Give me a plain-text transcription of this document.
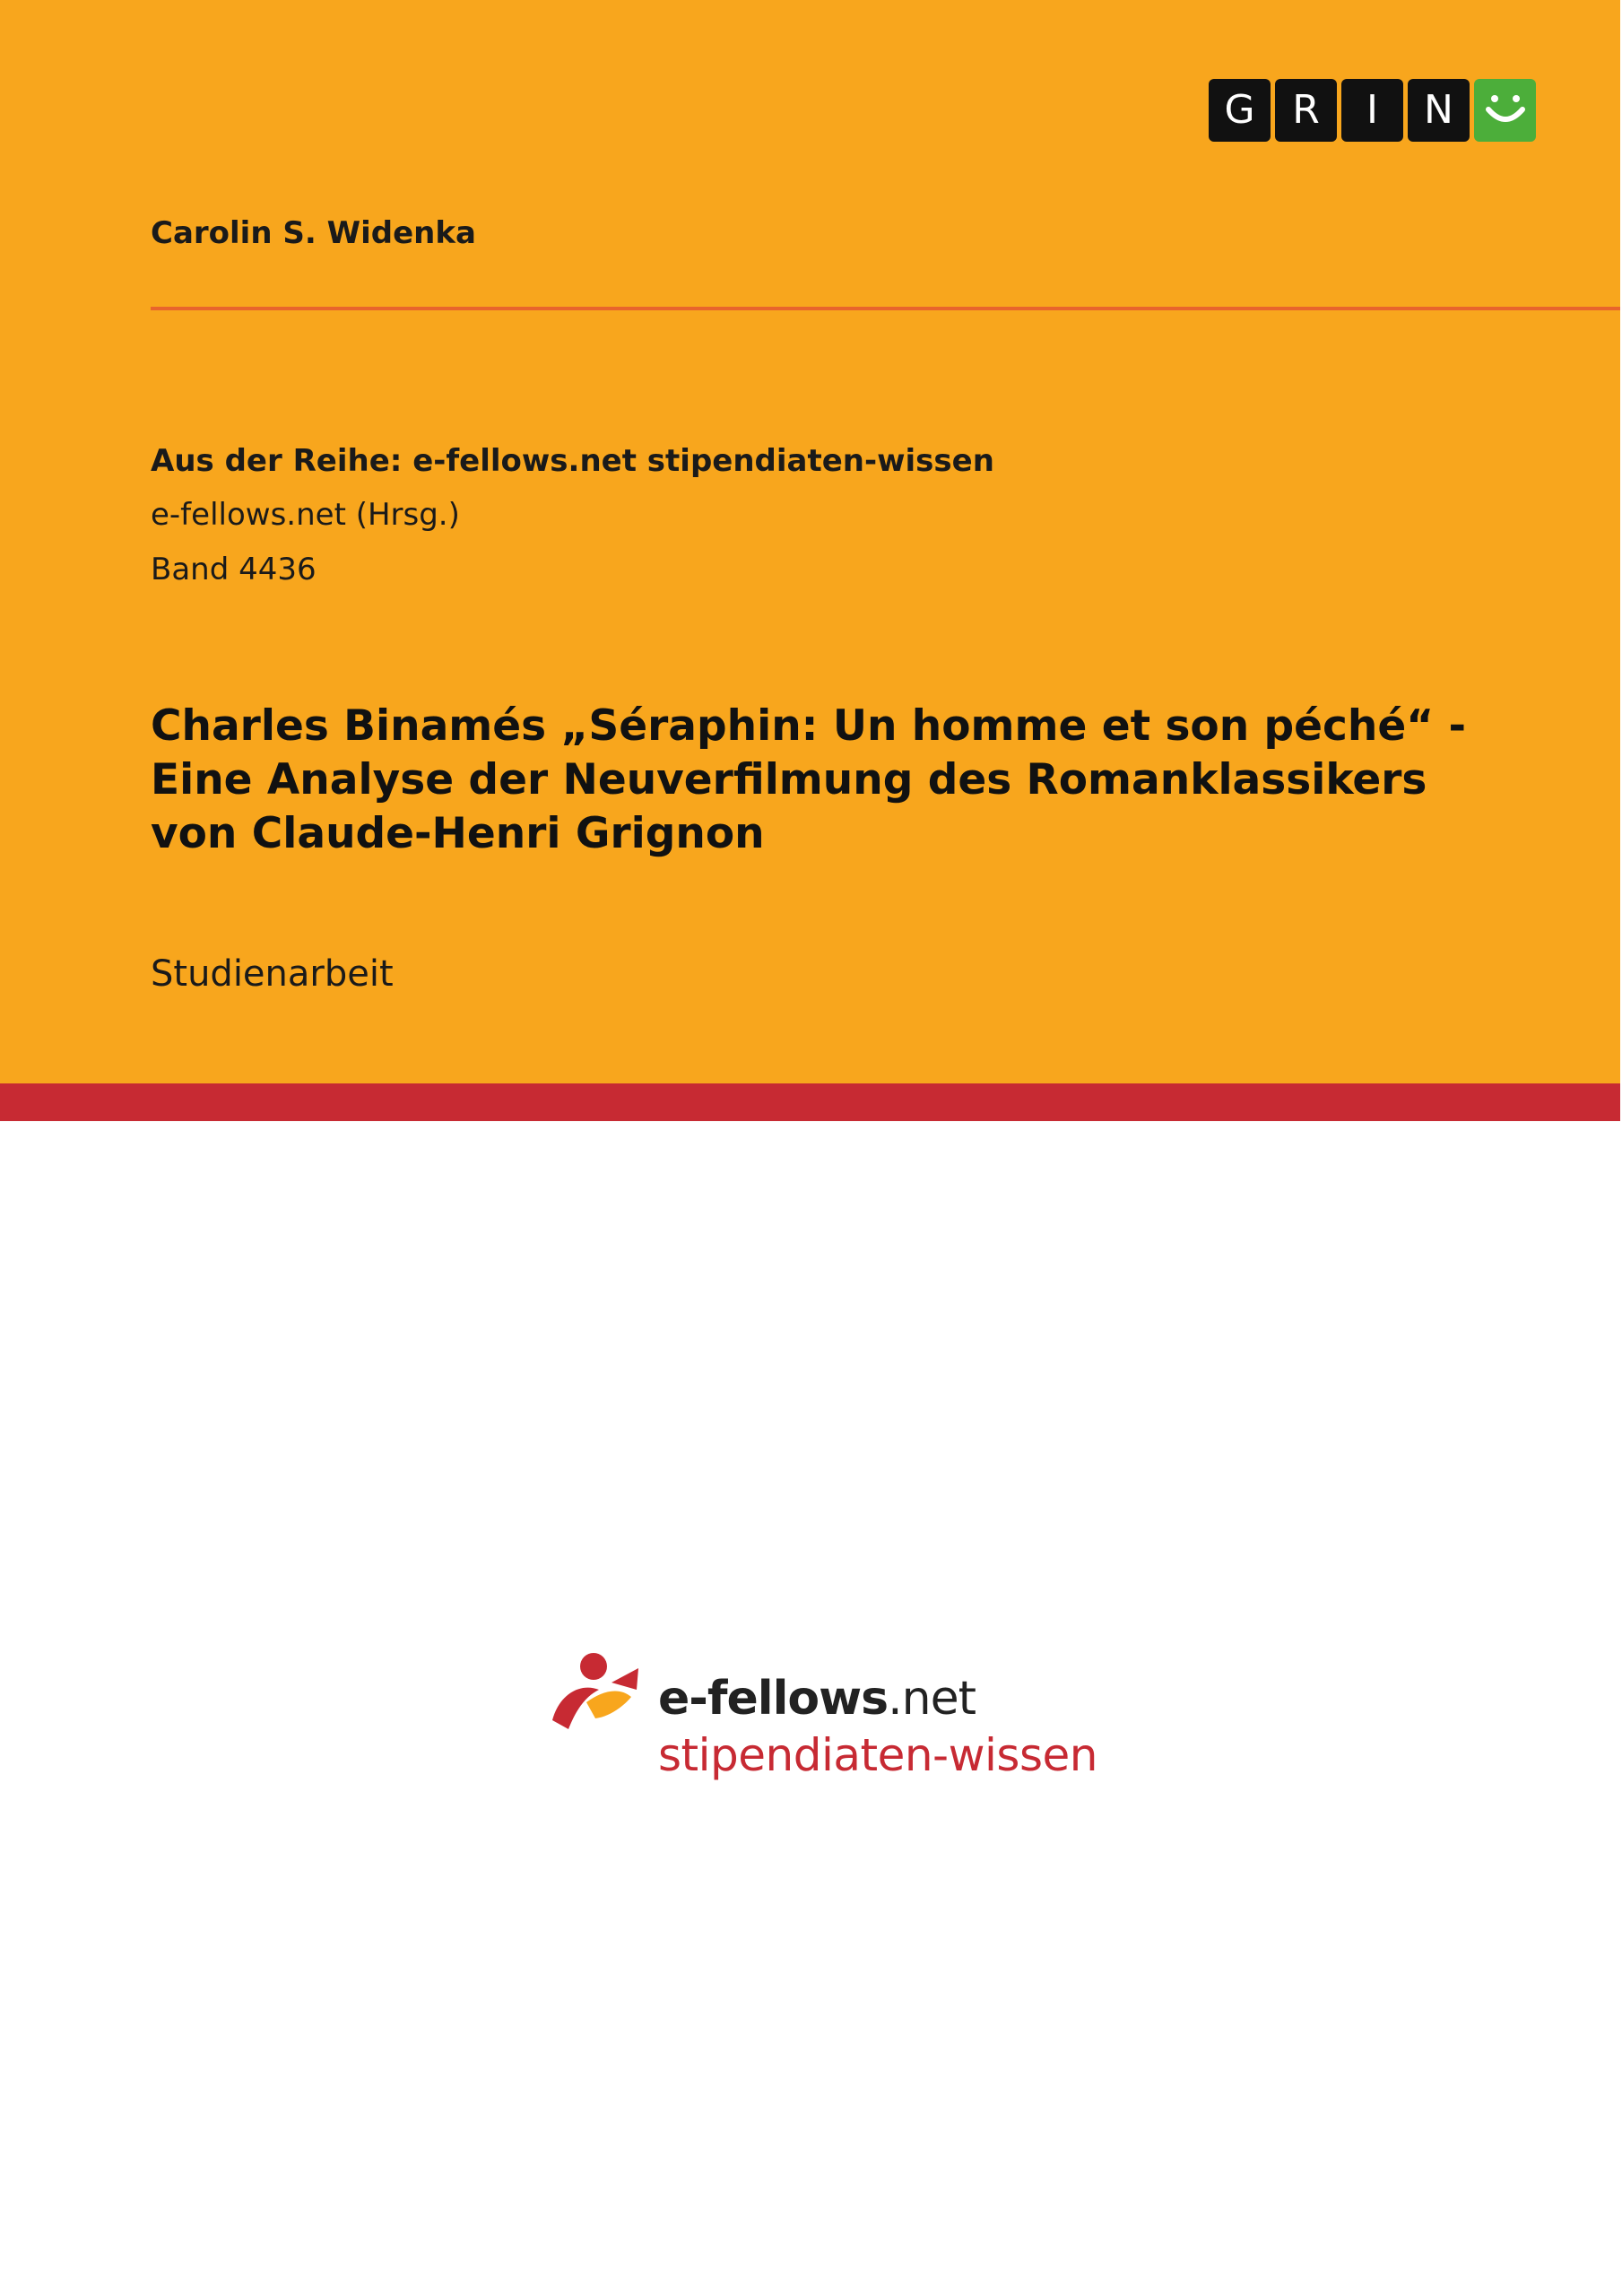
G R	I	N
Carolin S. Widenka
Aus der Reihe: e-fellows.net stipendiaten-wissen
e-fellows.net (Hrsg.)
Band 4436
Charles Binamés „Séraphin: Un homme et son péché“ -
Eine Analyse der Neuverfilmung des Romanklassikers
von Claude-Henri Grignon
Studienarbeit
e-fellows.net
stipendiaten-wissen
